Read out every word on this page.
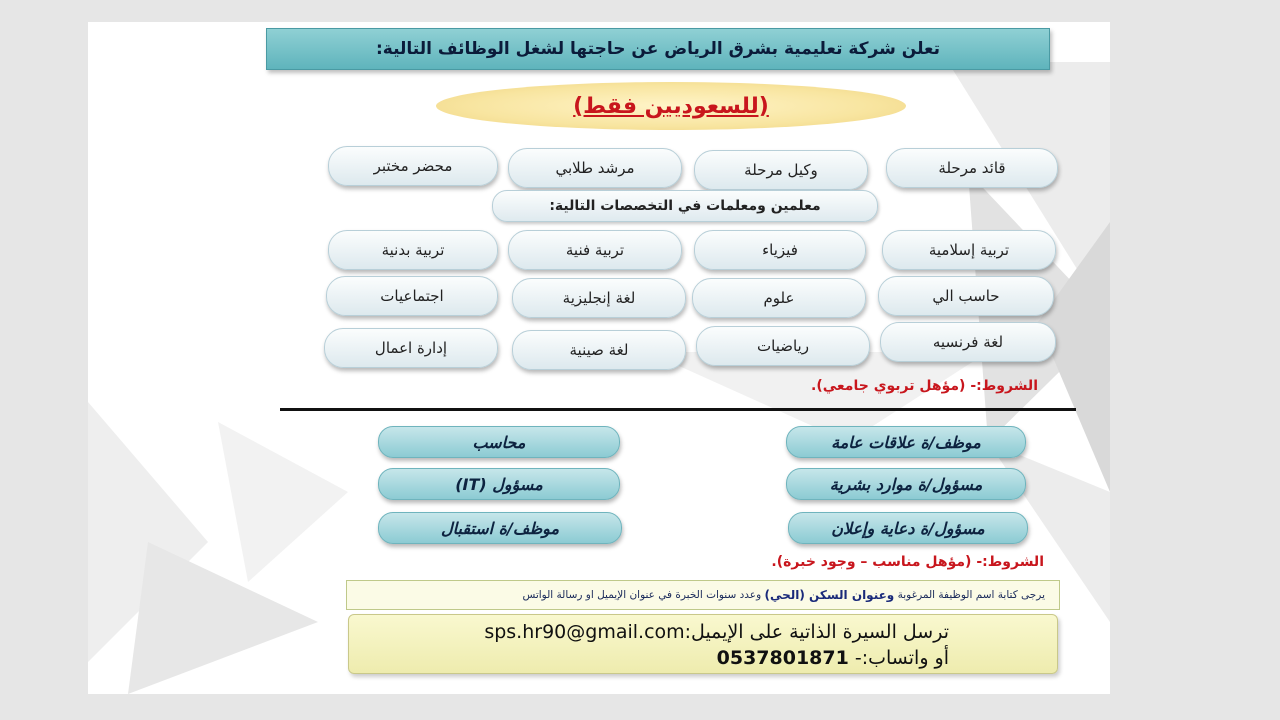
تعلن شركة تعليمية بشرق الرياض عن حاجتها لشغل الوظائف التالية:
(للسعوديين فقط)
قائد مرحلة
وكيل مرحلة
مرشد طلابي
محضر مختبر
معلمين ومعلمات في التخصصات التالية:
تربية إسلامية
فيزياء
تربية فنية
تربية بدنية
حاسب الي
علوم
لغة إنجليزية
اجتماعيات
لغة فرنسيه
رياضيات
لغة صينية
إدارة اعمال
الشروط:- (مؤهل تربوي جامعي).
موظف/ة علاقات عامة
مسؤول/ة موارد بشرية
مسؤول/ة دعاية وإعلان
محاسب
مسؤول (IT)
موظف/ة استقبال
الشروط:- (مؤهل مناسب – وجود خبرة).
يرجى كتابة اسم الوظيفة المرغوبة

وعنوان السكن (الحي)

وعدد سنوات الخبرة في عنوان الإيميل او رسالة الواتس
ترسل السيرة الذاتية على الإيميل:sps.hr90@gmail.com
أو واتساب:- 0537801871
